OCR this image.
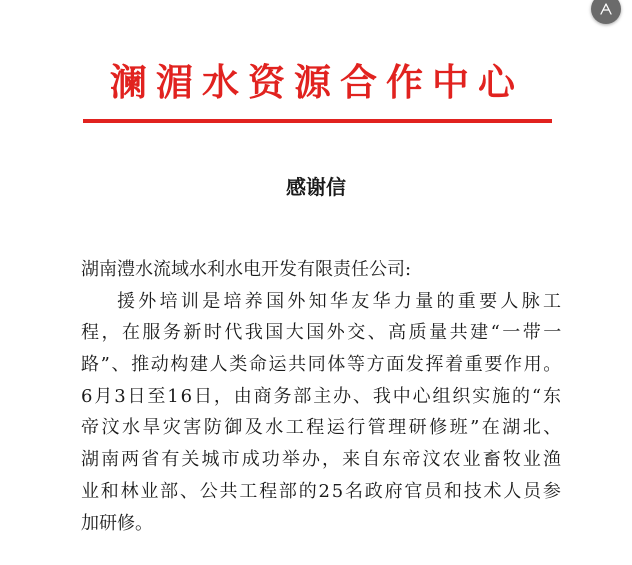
澜湄水资源合作中心
感谢信
湖南澧水流域水利水电开发有限责任公司:
援外培训是培养国外知华友华力量的重要人脉工
程，在服务新时代我国大国外交、高质量共建“一带一
路”、推动构建人类命运共同体等方面发挥着重要作用。
6月3日至16日，由商务部主办、我中心组织实施的“东
帝汶水旱灾害防御及水工程运行管理研修班”在湖北、
湖南两省有关城市成功举办，来自东帝汶农业畜牧业渔
业和林业部、公共工程部的25名政府官员和技术人员参
加研修。
